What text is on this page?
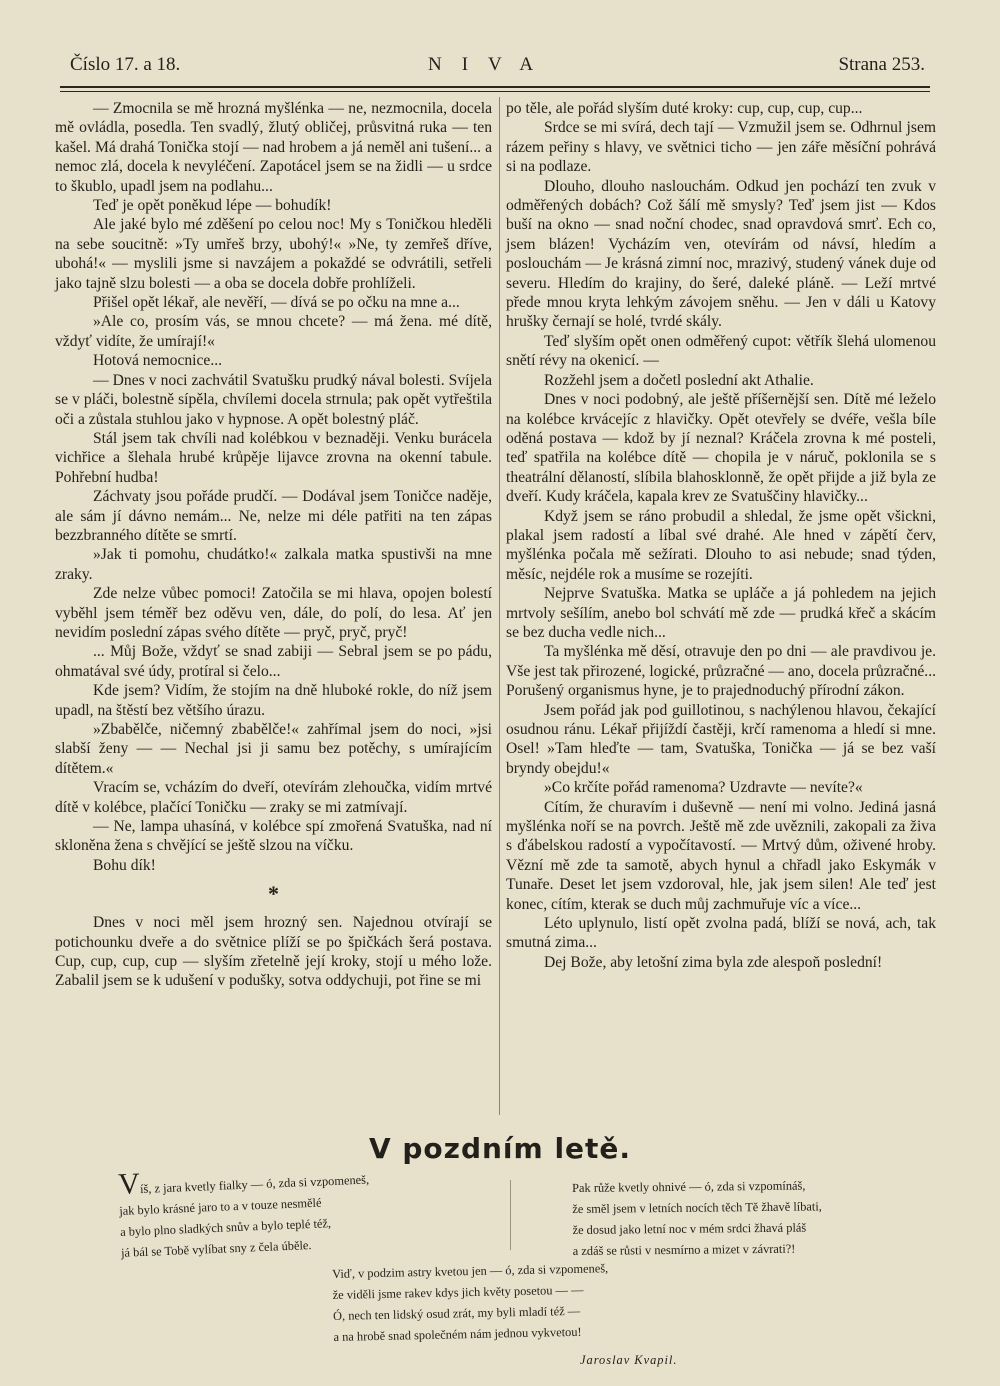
Číslo 17. a 18.	NIVA	Strana 253.

— Zmocnila se mě hrozná myšlénka — ne, nezmocnila, docela mě ovládla, posedla. Ten svadlý, žlutý obličej, průsvitná ruka — ten kašel. Má drahá Tonička stojí — nad hrobem a já neměl ani tušení... a nemoc zlá, docela k nevyléčení. Zapotácel jsem se na židli — u srdce to škublo, upadl jsem na podlahu...

Teď je opět poněkud lépe — bohudík!

Ale jaké bylo mé zděšení po celou noc! My s Toničkou hleděli na sebe soucitně: »Ty umřeš brzy, ubohý!« »Ne, ty zemřeš dříve, ubohá!« — myslili jsme si navzájem a pokaždé se odvrátili, setřeli jako tajně slzu bolesti — a oba se docela dobře prohlíželi.

Přišel opět lékař, ale nevěří, — dívá se po očku na mne a...

»Ale co, prosím vás, se mnou chcete? — má žena. mé dítě, vždyť vidíte, že umírají!«

Hotová nemocnice...

— Dnes v noci zachvátil Svatušku prudký nával bolesti. Svíjela se v pláči, bolestně sípěla, chvílemi docela strnula; pak opět vytřeštila oči a zůstala stuhlou jako v hypnose. A opět bolestný pláč.

Stál jsem tak chvíli nad kolébkou v beznaději. Venku burácela vichřice a šlehala hrubé krůpěje lijavce zrovna na okenní tabule. Pohřební hudba!

Záchvaty jsou pořáde prudčí. — Dodával jsem Toničce naděje, ale sám jí dávno nemám... Ne, nelze mi déle patřiti na ten zápas bezzbranného dítěte se smrtí.

»Jak ti pomohu, chudátko!« zalkala matka spustivši na mne zraky.

Zde nelze vůbec pomoci! Zatočila se mi hlava, opojen bolestí vyběhl jsem téměř bez oděvu ven, dále, do polí, do lesa. Ať jen nevidím poslední zápas svého dítěte — pryč, pryč, pryč!

... Můj Bože, vždyť se snad zabiji — Sebral jsem se po pádu, ohmatával své údy, protíral si čelo...

Kde jsem? Vidím, že stojím na dně hluboké rokle, do níž jsem upadl, na štěstí bez většího úrazu.

»Zbabělče, ničemný zbabělče!« zahřímal jsem do noci, »jsi slabší ženy — — Nechal jsi ji samu bez potěchy, s umírajícím dítětem.«

Vracím se, vcházím do dveří, otevírám zlehoučka, vidím mrtvé dítě v kolébce, plačící Toničku — zraky se mi zatmívají.

— Ne, lampa uhasíná, v kolébce spí zmořená Svatuška, nad ní skloněna žena s chvějící se ještě slzou na víčku.

Bohu dík!

*

Dnes v noci měl jsem hrozný sen. Najednou otvírají se potichounku dveře a do světnice plíží se po špičkách šerá postava. Cup, cup, cup, cup — slyším zřetelně její kroky, stojí u mého lože. Zabalil jsem se k udušení v podušky, sotva oddychuji, pot řine se mi

po těle, ale pořád slyším duté kroky: cup, cup, cup, cup...

Srdce se mi svírá, dech tají — Vzmužil jsem se. Odhrnul jsem rázem peřiny s hlavy, ve světnici ticho — jen záře měsíční pohrává si na podlaze.

Dlouho, dlouho naslouchám. Odkud jen pochází ten zvuk v odměřených dobách? Což šálí mě smysly? Teď jsem jist — Kdos buší na okno — snad noční chodec, snad opravdová smrť. Ech co, jsem blázen! Vycházím ven, otevírám od návsí, hledím a poslouchám — Je krásná zimní noc, mrazivý, studený vánek duje od severu. Hledím do krajiny, do šeré, daleké pláně. — Leží mrtvé přede mnou kryta lehkým závojem sněhu. — Jen v dáli u Katovy hrušky černají se holé, tvrdé skály.

Teď slyším opět onen odměřený cupot: větřík šlehá ulomenou snětí révy na okenicí. —

Rozžehl jsem a dočetl poslední akt Athalie.

Dnes v noci podobný, ale ještě příšernější sen. Dítě mé leželo na kolébce krvácejíc z hlavičky. Opět otevřely se dvéře, vešla bíle oděná postava — kdož by jí neznal? Kráčela zrovna k mé posteli, teď spatřila na kolébce dítě — chopila je v náruč, poklonila se s theatrální dělaností, slíbila blahosklonně, že opět přijde a již byla ze dveří. Kudy kráčela, kapala krev ze Svatuščiny hlavičky...

Když jsem se ráno probudil a shledal, že jsme opět všickni, plakal jsem radostí a líbal své drahé. Ale hned v zápětí červ, myšlénka počala mě sežírati. Dlouho to asi nebude; snad týden, měsíc, nejdéle rok a musíme se rozejíti.

Nejprve Svatuška. Matka se upláče a já pohledem na jejich mrtvoly sešílím, anebo bol schvátí mě zde — prudká křeč a skácím se bez ducha vedle nich...

Ta myšlénka mě děsí, otravuje den po dni — ale pravdivou je. Vše jest tak přirozené, logické, průzračné — ano, docela průzračné... Porušený organismus hyne, je to prajednoduchý přírodní zákon.

Jsem pořád jak pod guillotinou, s nachýlenou hlavou, čekající osudnou ránu. Lékař přijíždí častěji, krčí ramenoma a hledí si mne. Osel! »Tam hleďte — tam, Svatuška, Tonička — já se bez vaší bryndy obejdu!«

»Co krčíte pořád ramenoma? Uzdravte — nevíte?«

Cítím, že churavím i duševně — není mi volno. Jediná jasná myšlénka noří se na povrch. Ještě mě zde uvěznili, zakopali za živa s ďábelskou radostí a vypočítavostí. — Mrtvý dům, oživené hroby. Vězní mě zde ta samotě, abych hynul a chřadl jako Eskymák v Tunaře. Deset let jsem vzdoroval, hle, jak jsem silen! Ale teď jest konec, cítím, kterak se duch můj zachmuřuje víc a více...

Léto uplynulo, listí opět zvolna padá, blíží se nová, ach, tak smutná zima...

Dej Bože, aby letošní zima byla zde alespoň poslední!

V pozdním letě.
Víš, z jara kvetly fialky — ó, zda si vzpomeneš,
jak bylo krásné jaro to a v touze nesmělé
a bylo plno sladkých snův a bylo teplé též,
já bál se Tobě vylíbat sny z čela úběle.
Pak růže kvetly ohnivé — ó, zda si vzpomínáš,
že směl jsem v letních nocích těch Tě žhavě líbati,
že dosud jako letní noc v mém srdci žhavá pláš
a zdáš se růsti v nesmírno a mizet v závrati?!
Viď, v podzim astry kvetou jen — ó, zda si vzpomeneš,
že viděli jsme rakev kdys jich květy posetou — —
Ó, nech ten lidský osud zrát, my byli mladí též —
a na hrobě snad společném nám jednou vykvetou!
Jaroslav Kvapil.
